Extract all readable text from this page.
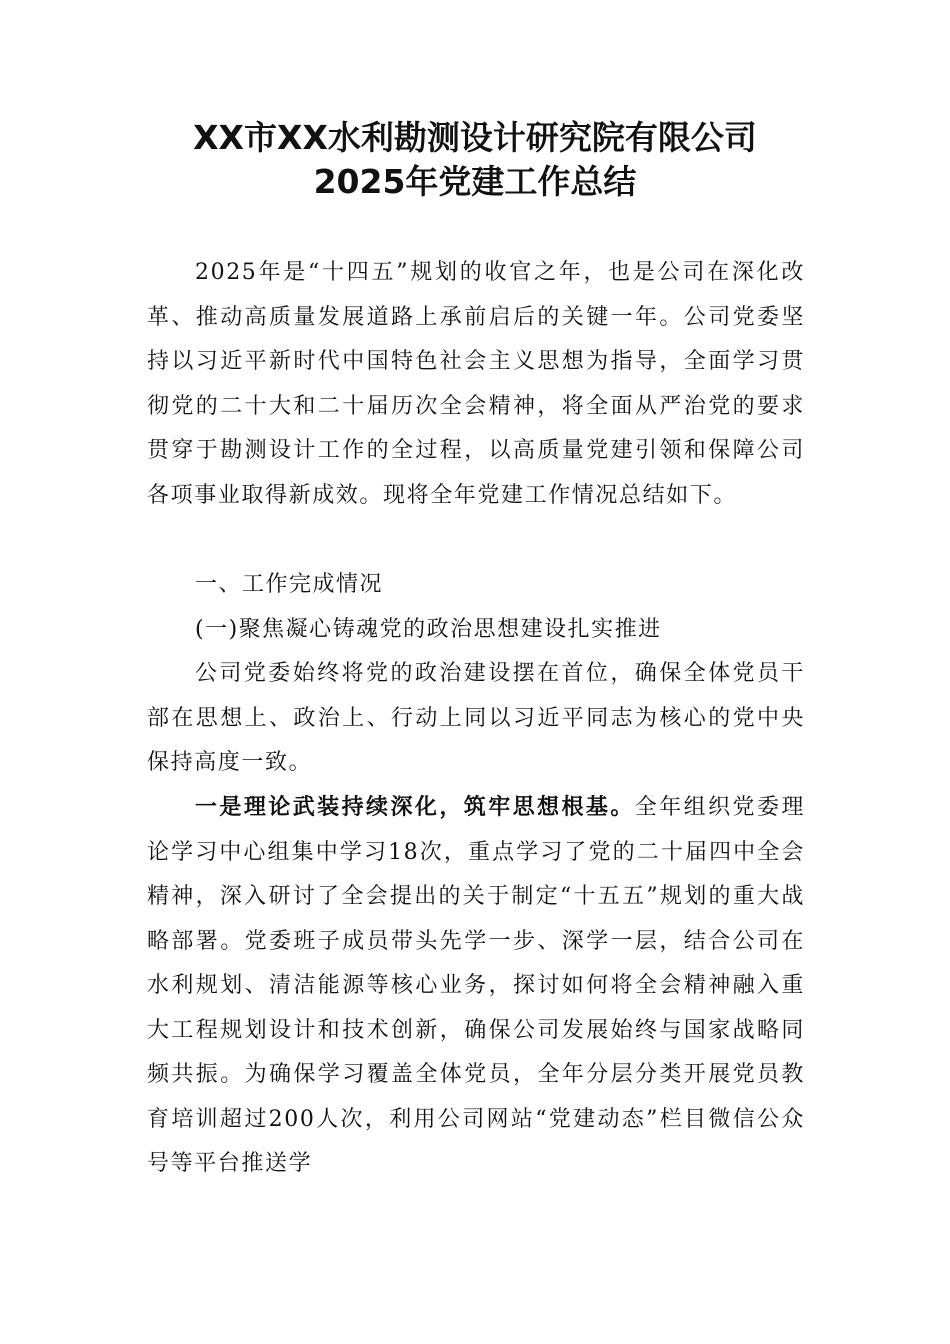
XX市XX水利勘测设计研究院有限公司
2025年党建工作总结

2025年是“十四五”规划的收官之年，也是公司在深化改革、推动高质量发展道路上承前启后的关键一年。公司党委坚持以习近平新时代中国特色社会主义思想为指导，全面学习贯彻党的二十大和二十届历次全会精神，将全面从严治党的要求贯穿于勘测设计工作的全过程，以高质量党建引领和保障公司各项事业取得新成效。现将全年党建工作情况总结如下。

一、工作完成情况

(一)聚焦凝心铸魂党的政治思想建设扎实推进

公司党委始终将党的政治建设摆在首位，确保全体党员干部在思想上、政治上、行动上同以习近平同志为核心的党中央保持高度一致。

一是理论武装持续深化，筑牢思想根基。全年组织党委理论学习中心组集中学习18次，重点学习了党的二十届四中全会精神，深入研讨了全会提出的关于制定“十五五”规划的重大战略部署。党委班子成员带头先学一步、深学一层，结合公司在水利规划、清洁能源等核心业务，探讨如何将全会精神融入重大工程规划设计和技术创新，确保公司发展始终与国家战略同频共振。为确保学习覆盖全体党员，全年分层分类开展党员教育培训超过200人次，利用公司网站“党建动态”栏目微信公众号等平台推送学
